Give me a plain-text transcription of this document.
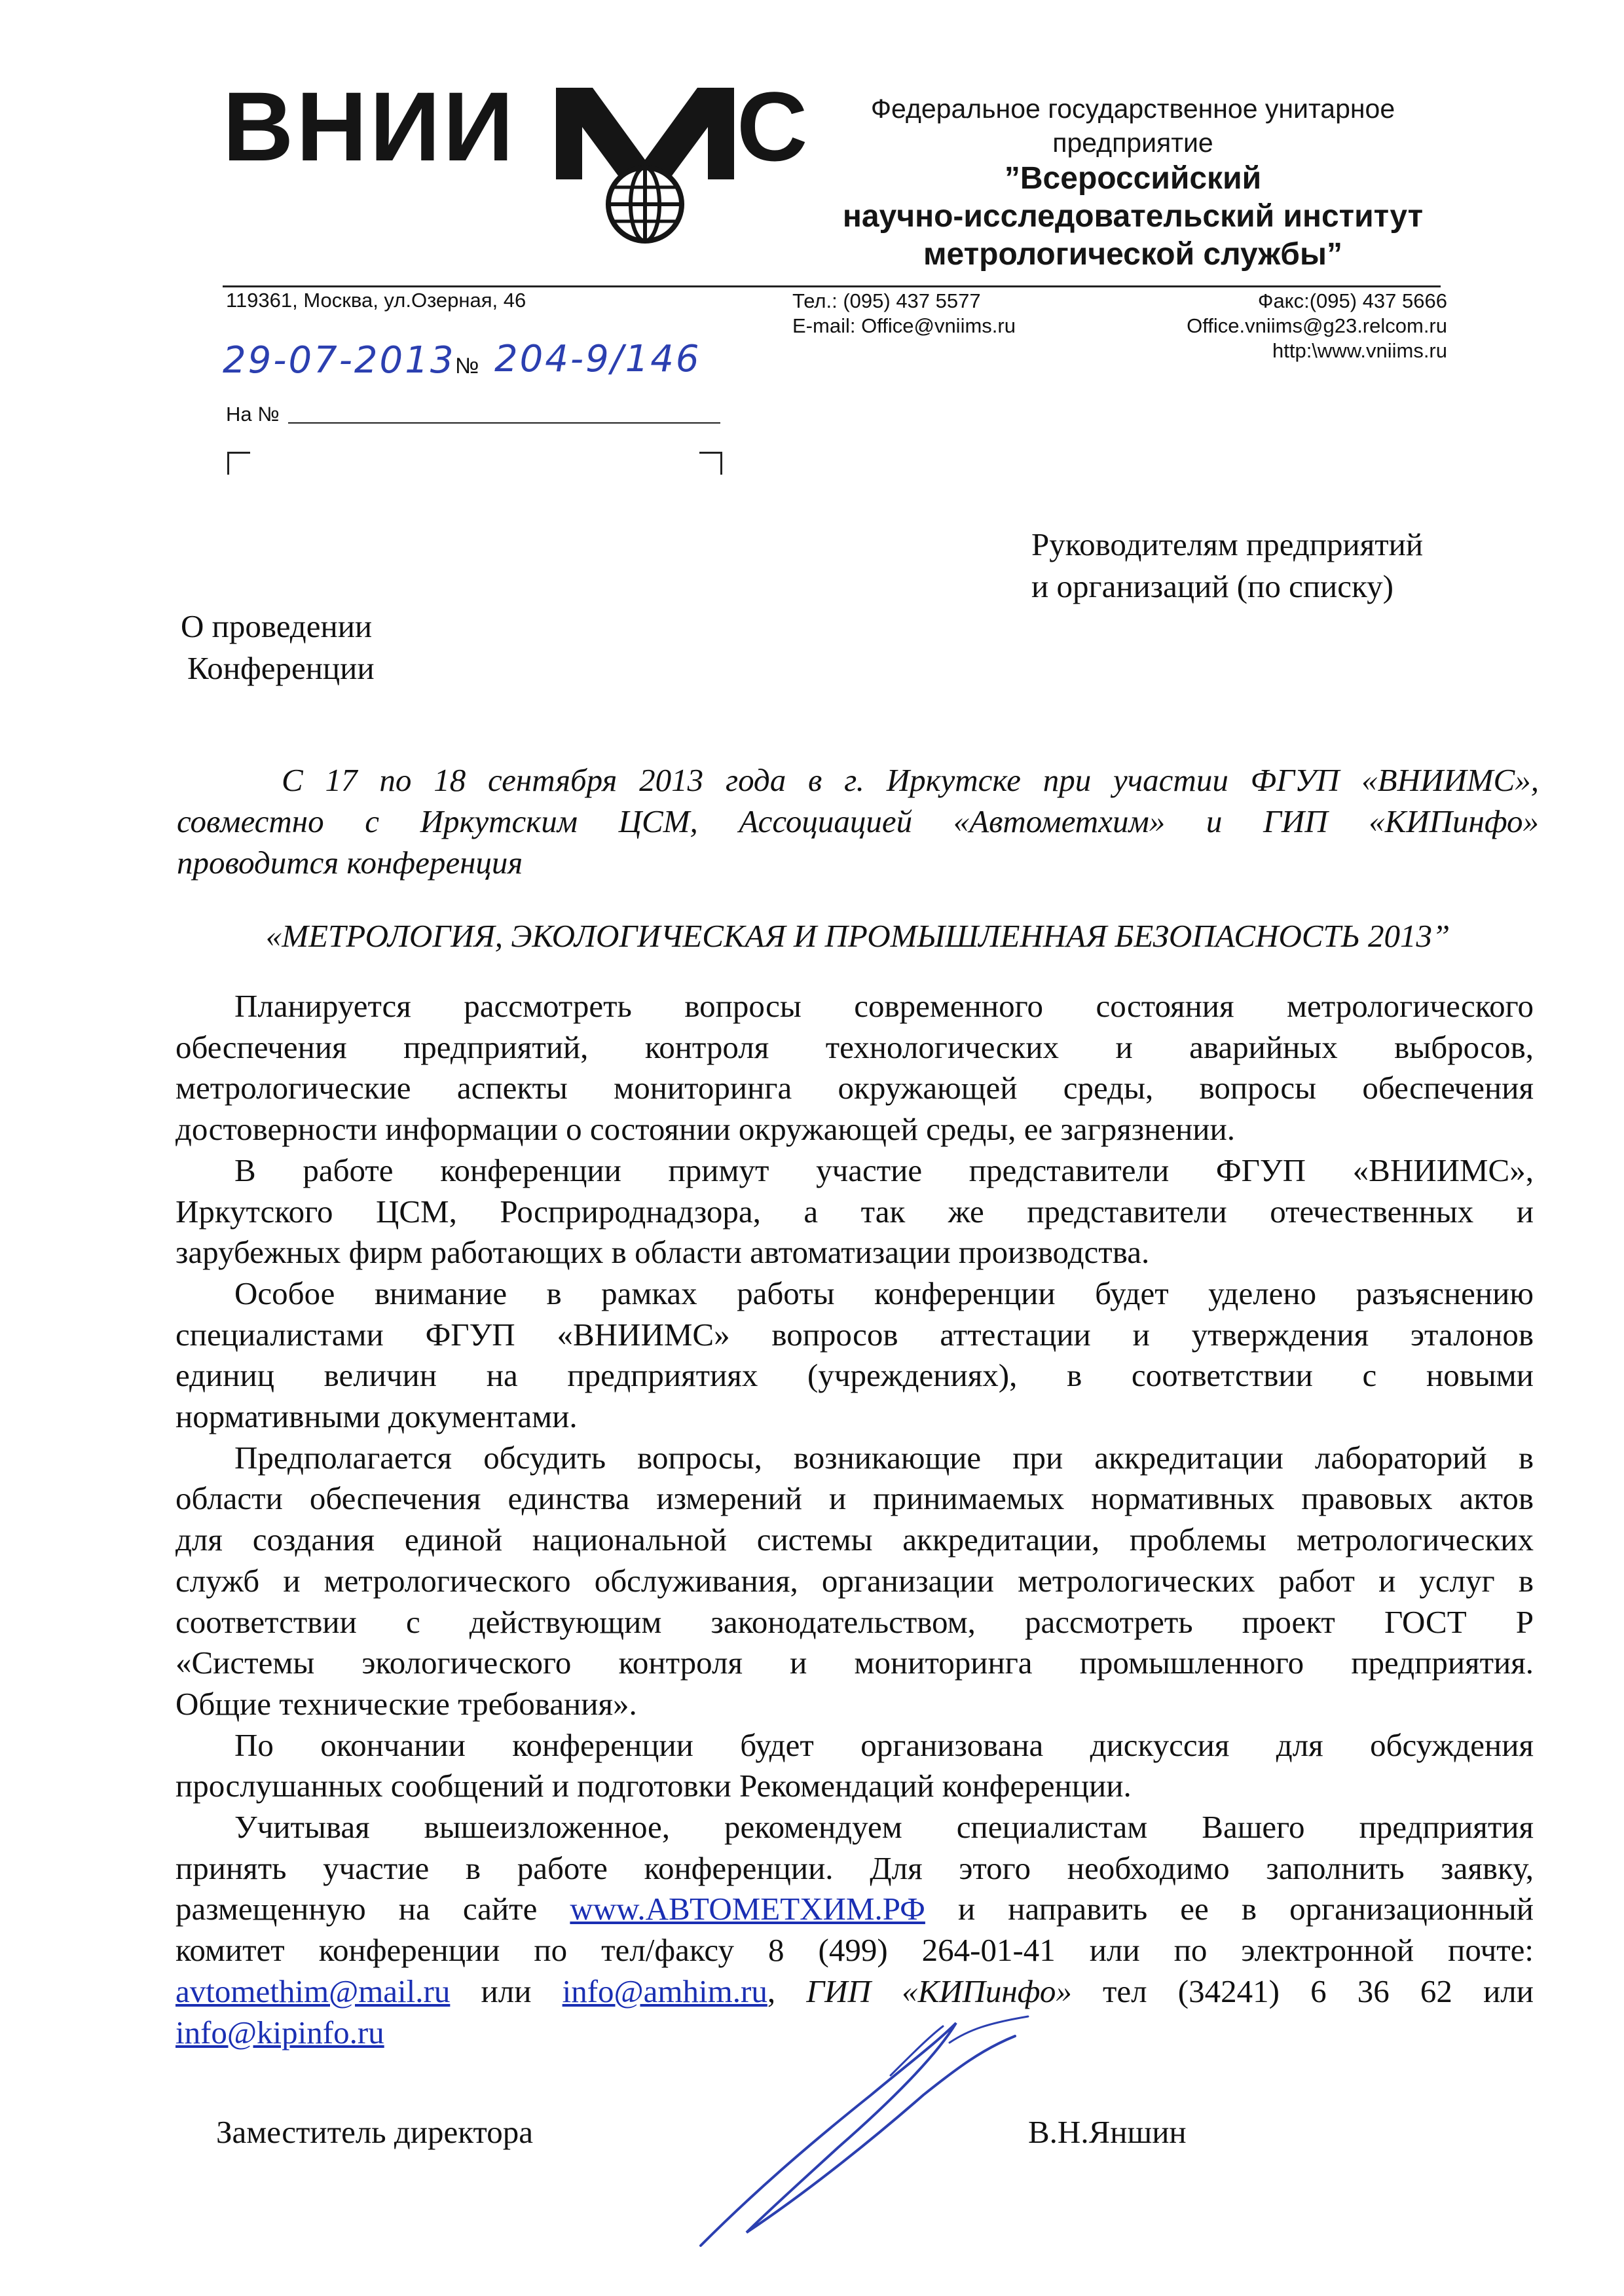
ВНИИ С	Федеральное государственное унитарное
предприятие
”Всероссийский
научно-исследовательский институт
метрологической службы”
119361, Москва, ул.Озерная, 46	Тел.: (095) 437 5577	Факс:(095) 437 5666
E-mail: Office@vniims.ru	Office.vniims@g23.relcom.ru
http:\www.vniims.ru
29-07-2013 № 204-9/146
На №
Руководителям предприятий
и организаций (по списку)
О проведении
Конференции
С 17 по 18 сентября 2013 года в г. Иркутске при участии ФГУП «ВНИИМС»,
совместно с Иркутским ЦСМ, Ассоциацией «Автометхим» и ГИП «КИПинфо»
проводится конференция
«МЕТРОЛОГИЯ, ЭКОЛОГИЧЕСКАЯ И ПРОМЫШЛЕННАЯ БЕЗОПАСНОСТЬ 2013”
Планируется рассмотреть вопросы современного состояния метрологического
обеспечения предприятий, контроля технологических и аварийных выбросов,
метрологические аспекты мониторинга окружающей среды, вопросы обеспечения
достоверности информации о состоянии окружающей среды, ее загрязнении.
В работе конференции примут участие представители ФГУП «ВНИИМС»,
Иркутского ЦСМ, Росприроднадзора, а так же представители отечественных и
зарубежных фирм работающих в области автоматизации производства.
Особое внимание в рамках работы конференции будет уделено разъяснению
специалистами ФГУП «ВНИИМС» вопросов аттестации и утверждения эталонов
единиц величин на предприятиях (учреждениях), в соответствии с новыми
нормативными документами.
Предполагается обсудить вопросы, возникающие при аккредитации лабораторий в
области обеспечения единства измерений и принимаемых нормативных правовых актов
для создания единой национальной системы аккредитации, проблемы метрологических
служб и метрологического обслуживания, организации метрологических работ и услуг в
соответствии с действующим законодательством, рассмотреть проект ГОСТ Р
«Системы экологического контроля и мониторинга промышленного предприятия.
Общие технические требования».
По окончании конференции будет организована дискуссия для обсуждения
прослушанных сообщений и подготовки Рекомендаций конференции.
Учитывая вышеизложенное, рекомендуем специалистам Вашего предприятия
принять участие в работе конференции. Для этого необходимо заполнить заявку,
размещенную на сайте www.АВТОМЕТХИМ.РФ и направить ее в организационный
комитет конференции по тел/факсу 8 (499) 264-01-41 или по электронной почте:
avtomethim@mail.ru или info@amhim.ru, ГИП «КИПинфо» тел (34241) 6 36 62 или
info@kipinfo.ru
Заместитель директора	В.Н.Яншин
